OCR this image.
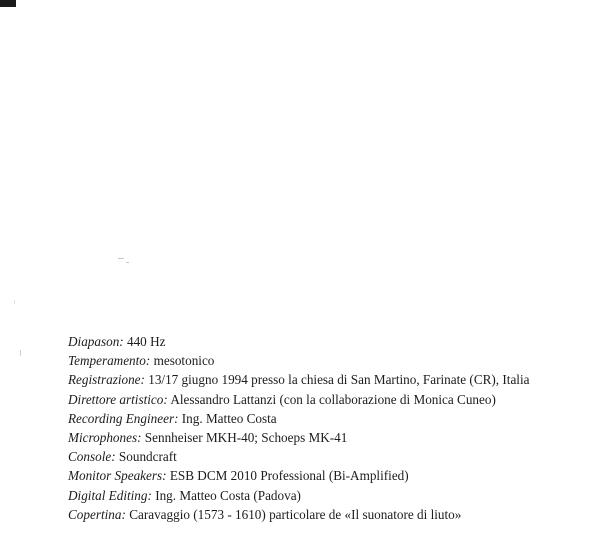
Diapason: 440 Hz
Temperamento: mesotonico
Registrazione: 13/17 giugno 1994 presso la chiesa di San Martino, Farinate (CR), Italia
Direttore artistico: Alessandro Lattanzi (con la collaborazione di Monica Cuneo)
Recording Engineer: Ing. Matteo Costa
Microphones: Sennheiser MKH-40; Schoeps MK-41
Console: Soundcraft
Monitor Speakers: ESB DCM 2010 Professional (Bi-Amplified)
Digital Editing: Ing. Matteo Costa (Padova)
Copertina: Caravaggio (1573 - 1610) particolare de «Il suonatore di liuto»
